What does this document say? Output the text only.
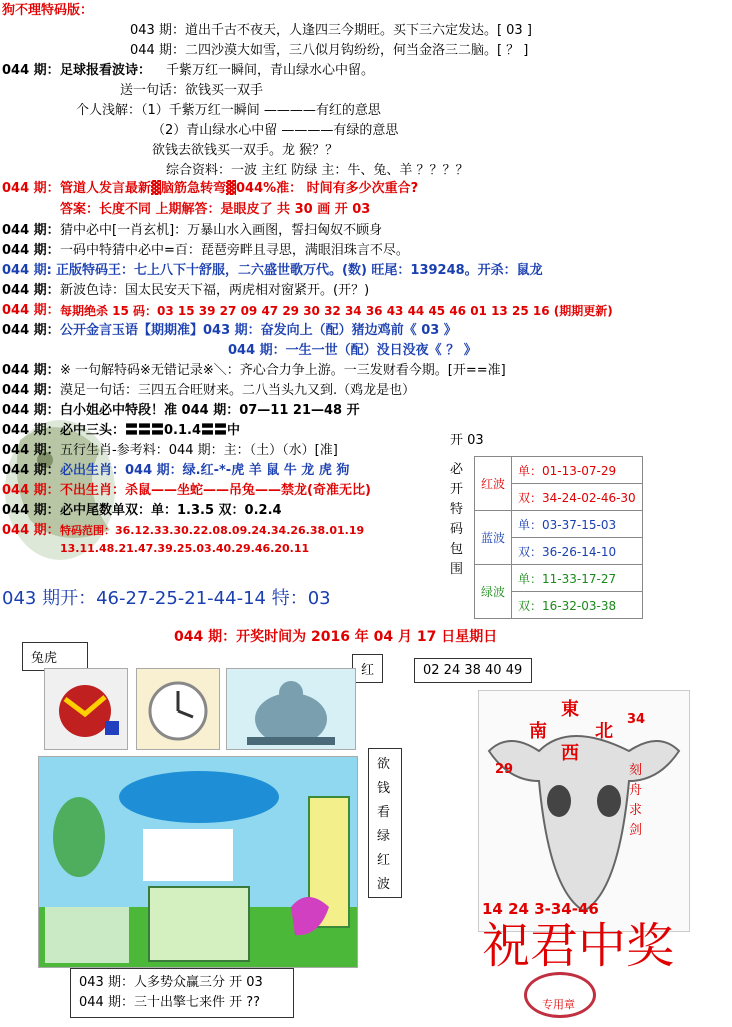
狗不理特码版：
043 期：道出千古不夜天，人逢四三今期旺。买下三六定发达。[ 03 ]
044 期：二四沙漠大如雪，三八似月钩纷纷，何当金洛三二脑。[ ？ ]
044 期： 足球报看波诗： 千紫万红一瞬间，青山绿水心中留。
送一句话：欲钱买一双手
个人浅解：（1）千紫万红一瞬间 ————有红的意思
（2）青山绿水心中留 ————有绿的意思
欲钱去欲钱买一双手。龙 猴？？
综合资料：一波 主红 防绿 主：牛、兔、羊 ？？？？
044 期： 管道人发言最新▓脑筋急转弯▓044%准： 时间有多少次重合?
答案：长度不同 上期解答：是眼皮了 共 30 画 开 03
044 期： 猜中必中[一肖玄机]：万暴山水入画图，誓扫匈奴不顾身
044 期： 一码中特猜中必中=百：琵琶旁畔且寻思，满眼泪珠言不尽。
044 期: 正版特码王：七上八下十舒服，二六盛世歌万代。(数) 旺尾：139248。开杀：鼠龙
044 期： 新波色诗：国太民安天下福，两虎相对窗紧开。(开？)
044 期： 每期绝杀 15 码：03 15 39 27 09 47 29 30 32 34 36 43 44 45 46 01 13 25 16 (期期更新)
044 期： 公开金言玉语【期期准】043 期：奋发向上（配）猪边鸡前《 03 》
044 期：一生一世（配）没日没夜《 ？ 》
044 期： ※ 一句解特码※无错记录※＼：齐心合力争上游。一三发财看今期。[开==准]
044 期： 漠足一句话：三四五合旺财来。二八当头九又到.（鸡龙是也）
044 期： 白小姐必中特段！准 044 期：07—11 21—48 开
044 期： 必中三头：〓〓〓0.1.4〓〓中
044 期： 五行生肖-参考料：044 期：主：（土）（水）[准]
044 期： 必出生肖：044 期：绿.红-*-虎 羊 鼠 牛 龙 虎 狗
044 期： 不出生肖：杀鼠——坐蛇——吊兔——禁龙(奇准无比)
044 期： 必中尾数单双：单：1.3.5 双：0.2.4
044 期： 特码范围：36.12.33.30.22.08.09.24.34.26.38.01.19
13.11.48.21.47.39.25.03.40.29.46.20.11
043 期开：46-27-25-21-44-14 特：03
开 03
必开特码包围
红波	单：01-13-07-29
	双：34-24-02-46-30
蓝波	单：03-37-15-03
	双：36-26-14-10
绿波	单：11-33-17-27
	双：16-32-03-38
044 期：开奖时间为 2016 年 04 月 17 日星期日
兔虎
红	02 24 38 40 49
欲钱看绿红波
043 期：人多势众赢三分 开 03
044 期：三十出擎七来件 开 ??
東
南	北
西
34
29	刻舟求剑
14 24 3-34-46
祝君中奖
专用章
